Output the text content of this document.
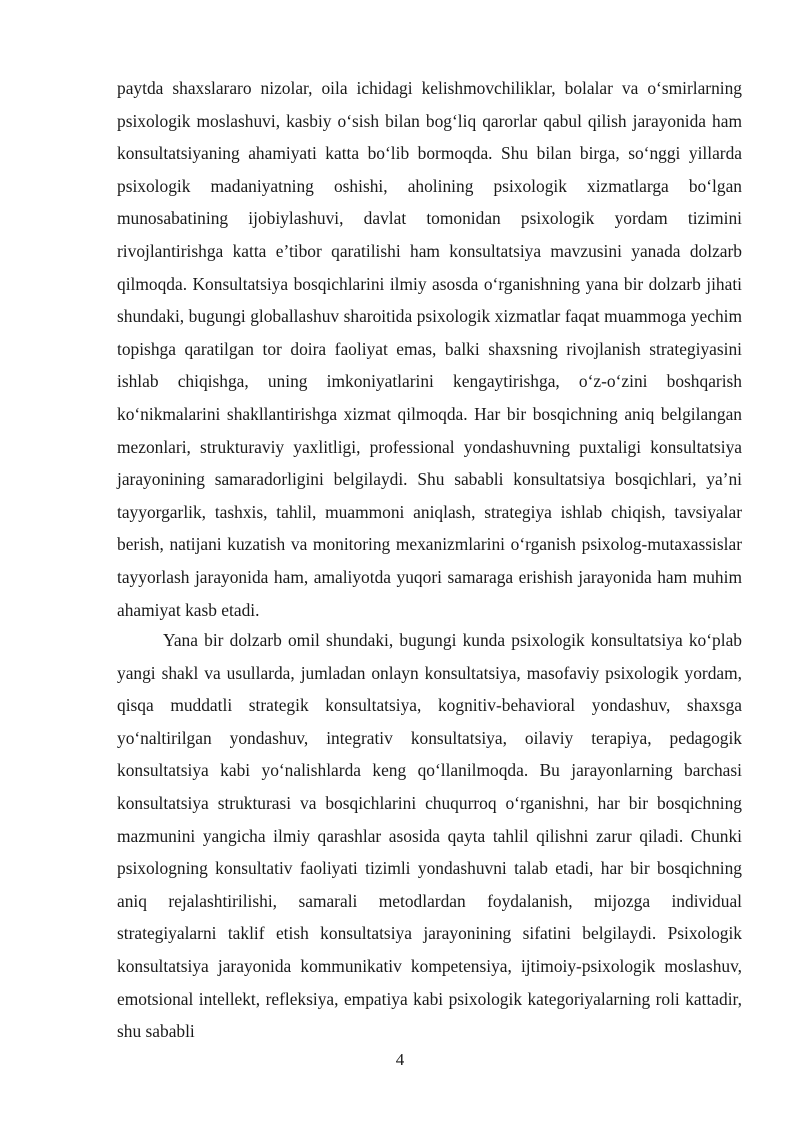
paytda shaxslararo nizolar, oila ichidagi kelishmovchiliklar, bolalar va o‘smirlarning psixologik moslashuvi, kasbiy o‘sish bilan bog‘liq qarorlar qabul qilish jarayonida ham konsultatsiyaning ahamiyati katta bo‘lib bormoqda. Shu bilan birga, so‘nggi yillarda psixologik madaniyatning oshishi, aholining psixologik xizmatlarga bo‘lgan munosabatining ijobiylashuvi, davlat tomonidan psixologik yordam tizimini rivojlantirishga katta e’tibor qaratilishi ham konsultatsiya mavzusini yanada dolzarb qilmoqda. Konsultatsiya bosqichlarini ilmiy asosda o‘rganishning yana bir dolzarb jihati shundaki, bugungi globallashuv sharoitida psixologik xizmatlar faqat muammoga yechim topishga qaratilgan tor doira faoliyat emas, balki shaxsning rivojlanish strategiyasini ishlab chiqishga, uning imkoniyatlarini kengaytirishga, o‘z-o‘zini boshqarish ko‘nikmalarini shakllantirishga xizmat qilmoqda. Har bir bosqichning aniq belgilangan mezonlari, strukturaviy yaxlitligi, professional yondashuvning puxtaligi konsultatsiya jarayonining samaradorligini belgilaydi. Shu sababli konsultatsiya bosqichlari, ya’ni tayyorgarlik, tashxis, tahlil, muammoni aniqlash, strategiya ishlab chiqish, tavsiyalar berish, natijani kuzatish va monitoring mexanizmlarini o‘rganish psixolog-mutaxassislar tayyorlash jarayonida ham, amaliyotda yuqori samaraga erishish jarayonida ham muhim ahamiyat kasb etadi.

Yana bir dolzarb omil shundaki, bugungi kunda psixologik konsultatsiya ko‘plab yangi shakl va usullarda, jumladan onlayn konsultatsiya, masofaviy psixologik yordam, qisqa muddatli strategik konsultatsiya, kognitiv-behavioral yondashuv, shaxsga yo‘naltirilgan yondashuv, integrativ konsultatsiya, oilaviy terapiya, pedagogik konsultatsiya kabi yo‘nalishlarda keng qo‘llanilmoqda. Bu jarayonlarning barchasi konsultatsiya strukturasi va bosqichlarini chuqurroq o‘rganishni, har bir bosqichning mazmunini yangicha ilmiy qarashlar asosida qayta tahlil qilishni zarur qiladi. Chunki psixologning konsultativ faoliyati tizimli yondashuvni talab etadi, har bir bosqichning aniq rejalashtirilishi, samarali metodlardan foydalanish, mijozga individual strategiyalarni taklif etish konsultatsiya jarayonining sifatini belgilaydi. Psixologik konsultatsiya jarayonida kommunikativ kompetensiya, ijtimoiy-psixologik moslashuv, emotsional intellekt, refleksiya, empatiya kabi psixologik kategoriyalarning roli kattadir, shu sababli

4
